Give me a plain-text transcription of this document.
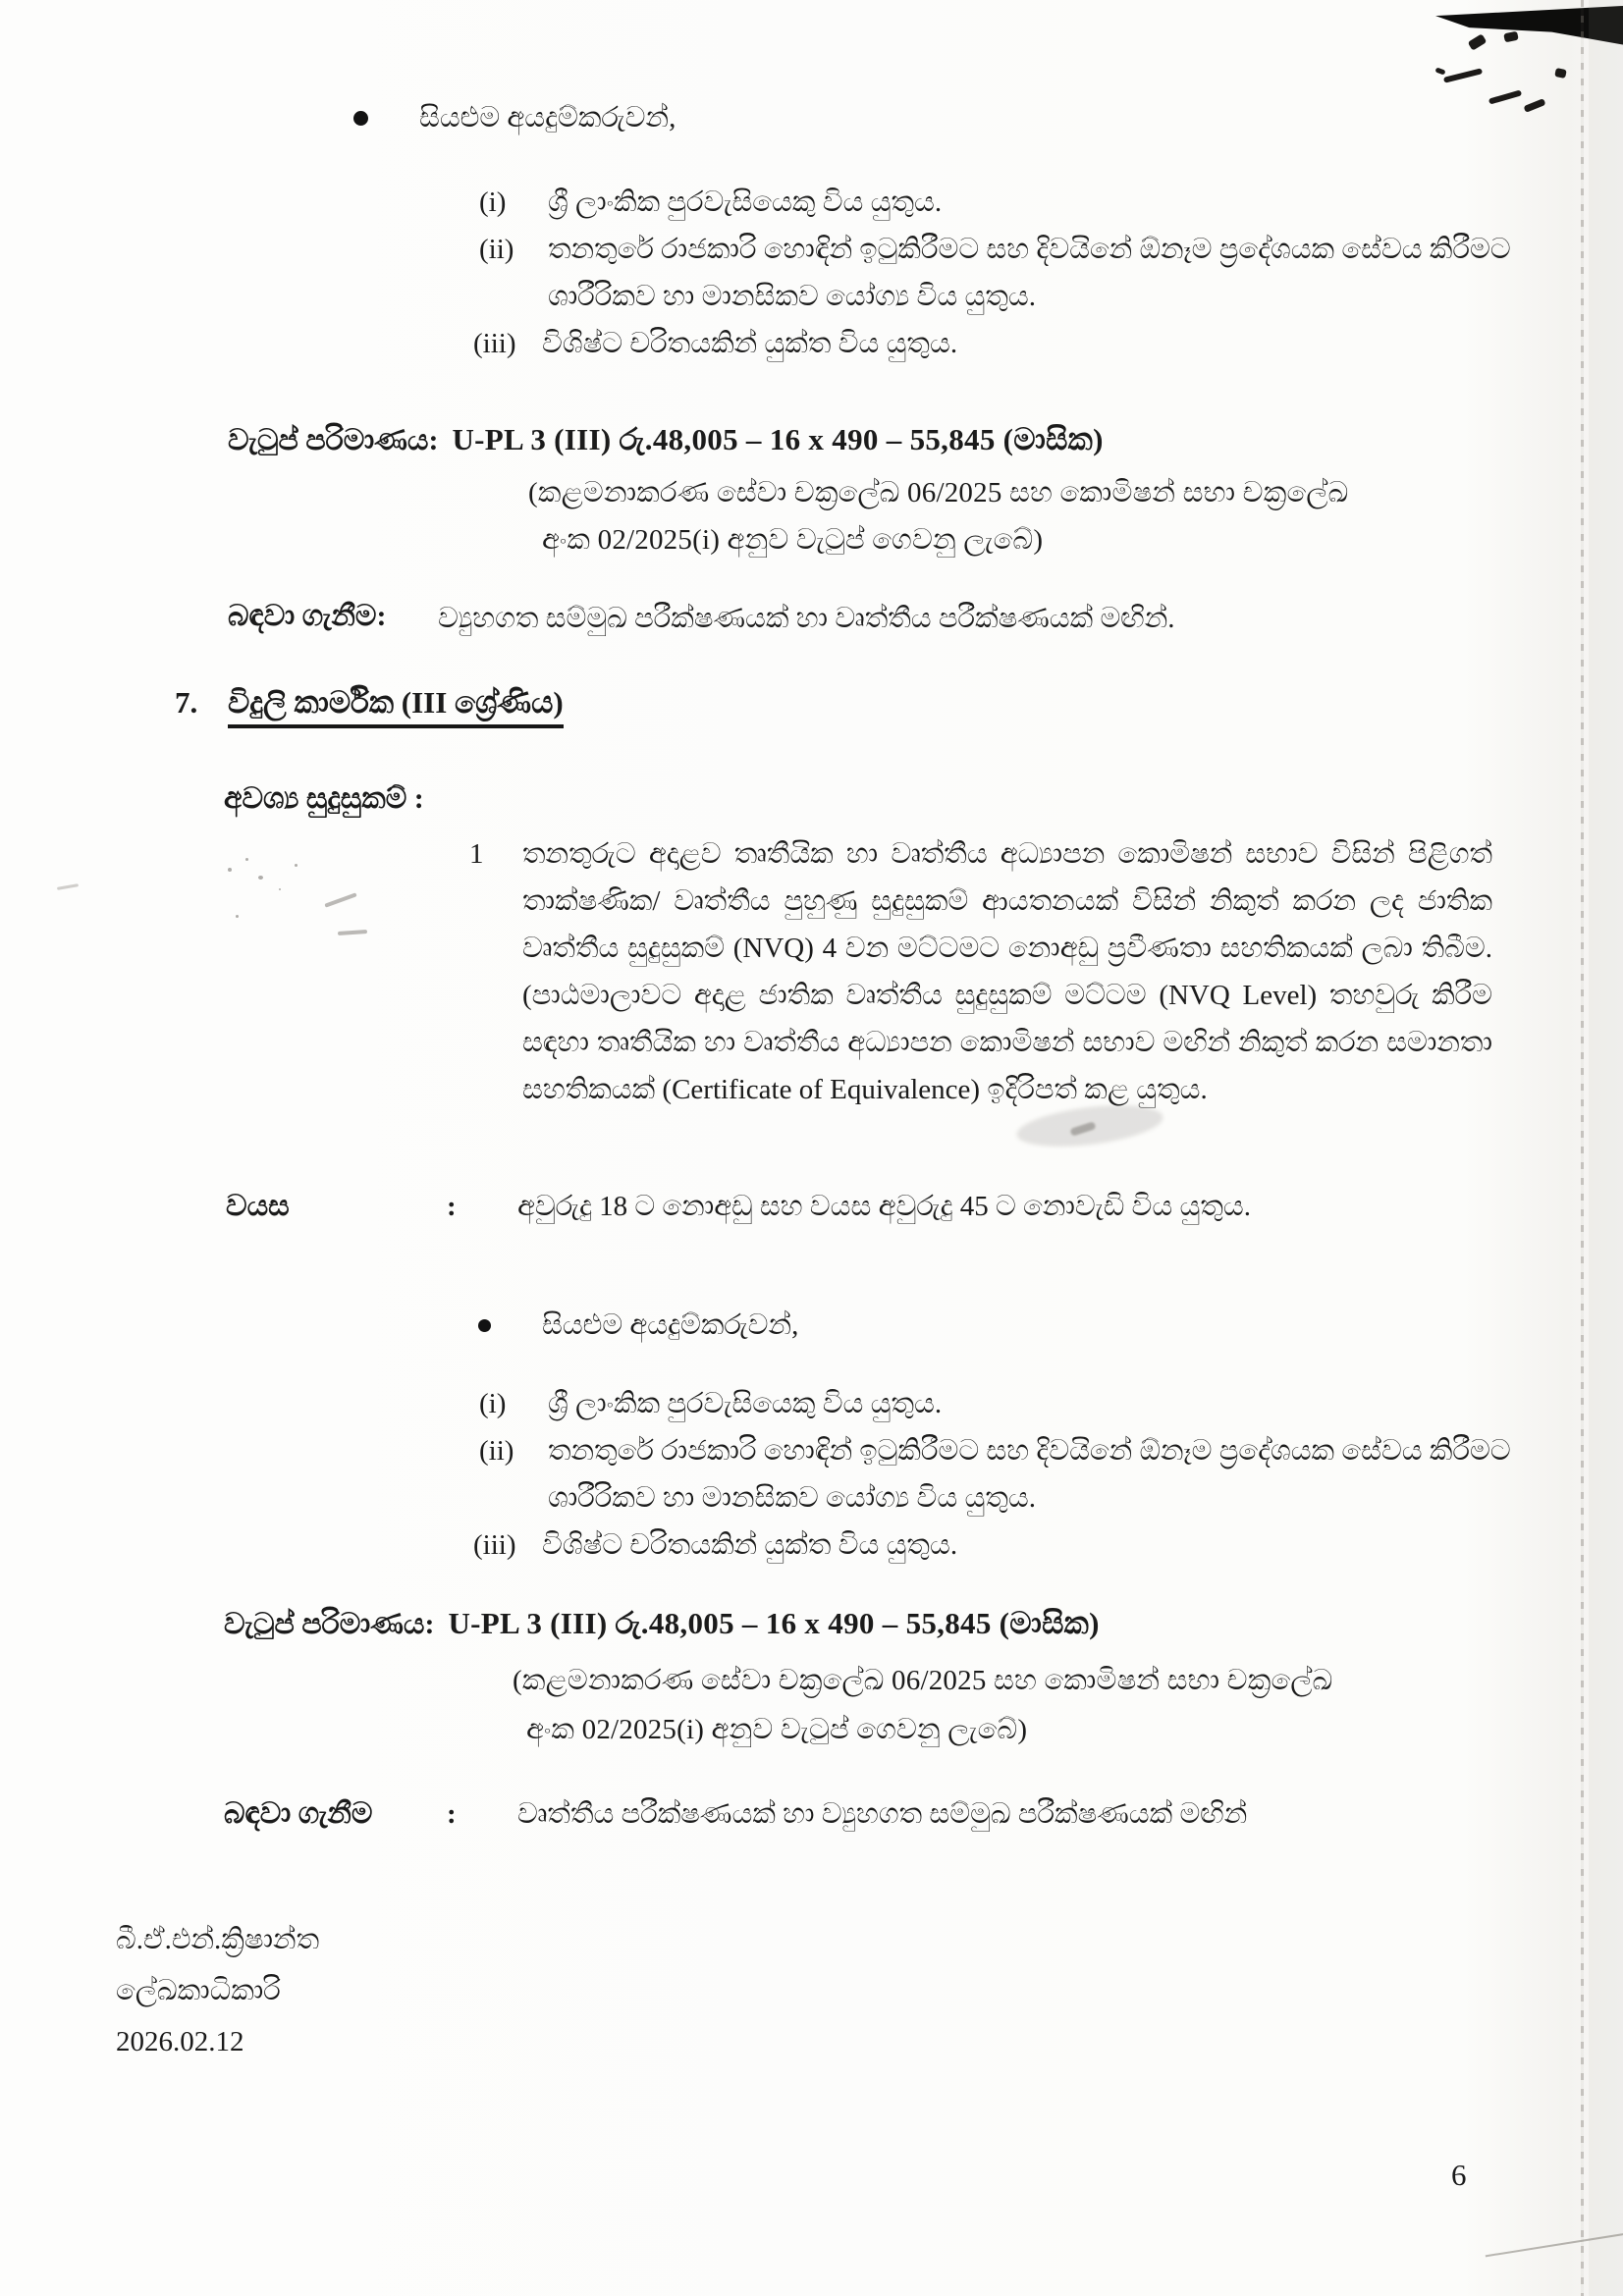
සියළුම අයදුම්කරුවන්,
(i)	ශ්‍රී ලාංකික පුරවැසියෙකු විය යුතුය.
(ii)	තනතුරේ රාජකාරි හොඳින් ඉටුකිරීමට සහ දිවයිනේ ඕනෑම ප්‍රදේශයක සේවය කිරීමට ශාරීරිකව හා මානසිකව යෝග්‍ය විය යුතුය.
(iii) විශිෂ්ට චරිතයකින් යුක්ත විය යුතුය.
වැටුප් පරිමාණය: U-PL 3 (III) රු.48,005 – 16 x 490 – 55,845 (මාසික)
(කළමනාකරණ සේවා චක්‍රලේඛ 06/2025 සහ කොමිෂන් සභා චක්‍රලේඛ
අංක 02/2025(i) අනුව වැටුප් ගෙවනු ලැබේ)
බඳවා ගැනීම: ව්‍යුහගත සම්මුඛ පරීක්ෂණයක් හා වෘත්තීය පරීක්ෂණයක් මඟින්.
7. විදුලි කාර්මික (III ශ්‍රේණිය)
අවශ්‍ය සුදුසුකම් :
1 තනතුරුට අදාළව තෘතීයික හා වෘත්තීය අධ්‍යාපන කොමිෂන් සභාව විසින් පිළිගත් තාක්ෂණික/ වෘත්තීය පුහුණු සුදුසුකම් ආයතනයක් විසින් නිකුත් කරන ලද ජාතික වෘත්තීය සුදුසුකම් (NVQ) 4 වන මට්ටමට නොඅඩු ප්‍රවීණතා සහතිකයක් ලබා තිබීම. (පාඨමාලාවට අදාළ ජාතික වෘත්තීය සුදුසුකම් මට්ටම (NVQ Level) තහවුරු කිරීම සඳහා තෘතීයික හා වෘත්තීය අධ්‍යාපන කොමිෂන් සභාව මඟින් නිකුත් කරන සමානතා සහතිකයක් (Certificate of Equivalence) ඉදිරිපත් කළ යුතුය.
වයස	: අවුරුදු 18 ට නොඅඩු සහ වයස අවුරුදු 45 ට නොවැඩි විය යුතුය.
සියළුම අයදුම්කරුවන්,
(i)	ශ්‍රී ලාංකික පුරවැසියෙකු විය යුතුය.
(ii)	තනතුරේ රාජකාරි හොඳින් ඉටුකිරීමට සහ දිවයිනේ ඕනෑම ප්‍රදේශයක සේවය කිරීමට ශාරීරිකව හා මානසිකව යෝග්‍ය විය යුතුය.
(iii) විශිෂ්ට චරිතයකින් යුක්ත විය යුතුය.
වැටුප් පරිමාණය: U-PL 3 (III) රු.48,005 – 16 x 490 – 55,845 (මාසික)
(කළමනාකරණ සේවා චක්‍රලේඛ 06/2025 සහ කොමිෂන් සභා චක්‍රලේඛ
අංක 02/2025(i) අනුව වැටුප් ගෙවනු ලැබේ)
බඳවා ගැනීම	: වෘත්තීය පරීක්ෂණයක් හා ව්‍යුහගත සම්මුඛ පරීක්ෂණයක් මඟින්
බී.ඒ.එන්.ක්‍රිෂාන්ත
ලේඛකාධිකාරි
2026.02.12
6
